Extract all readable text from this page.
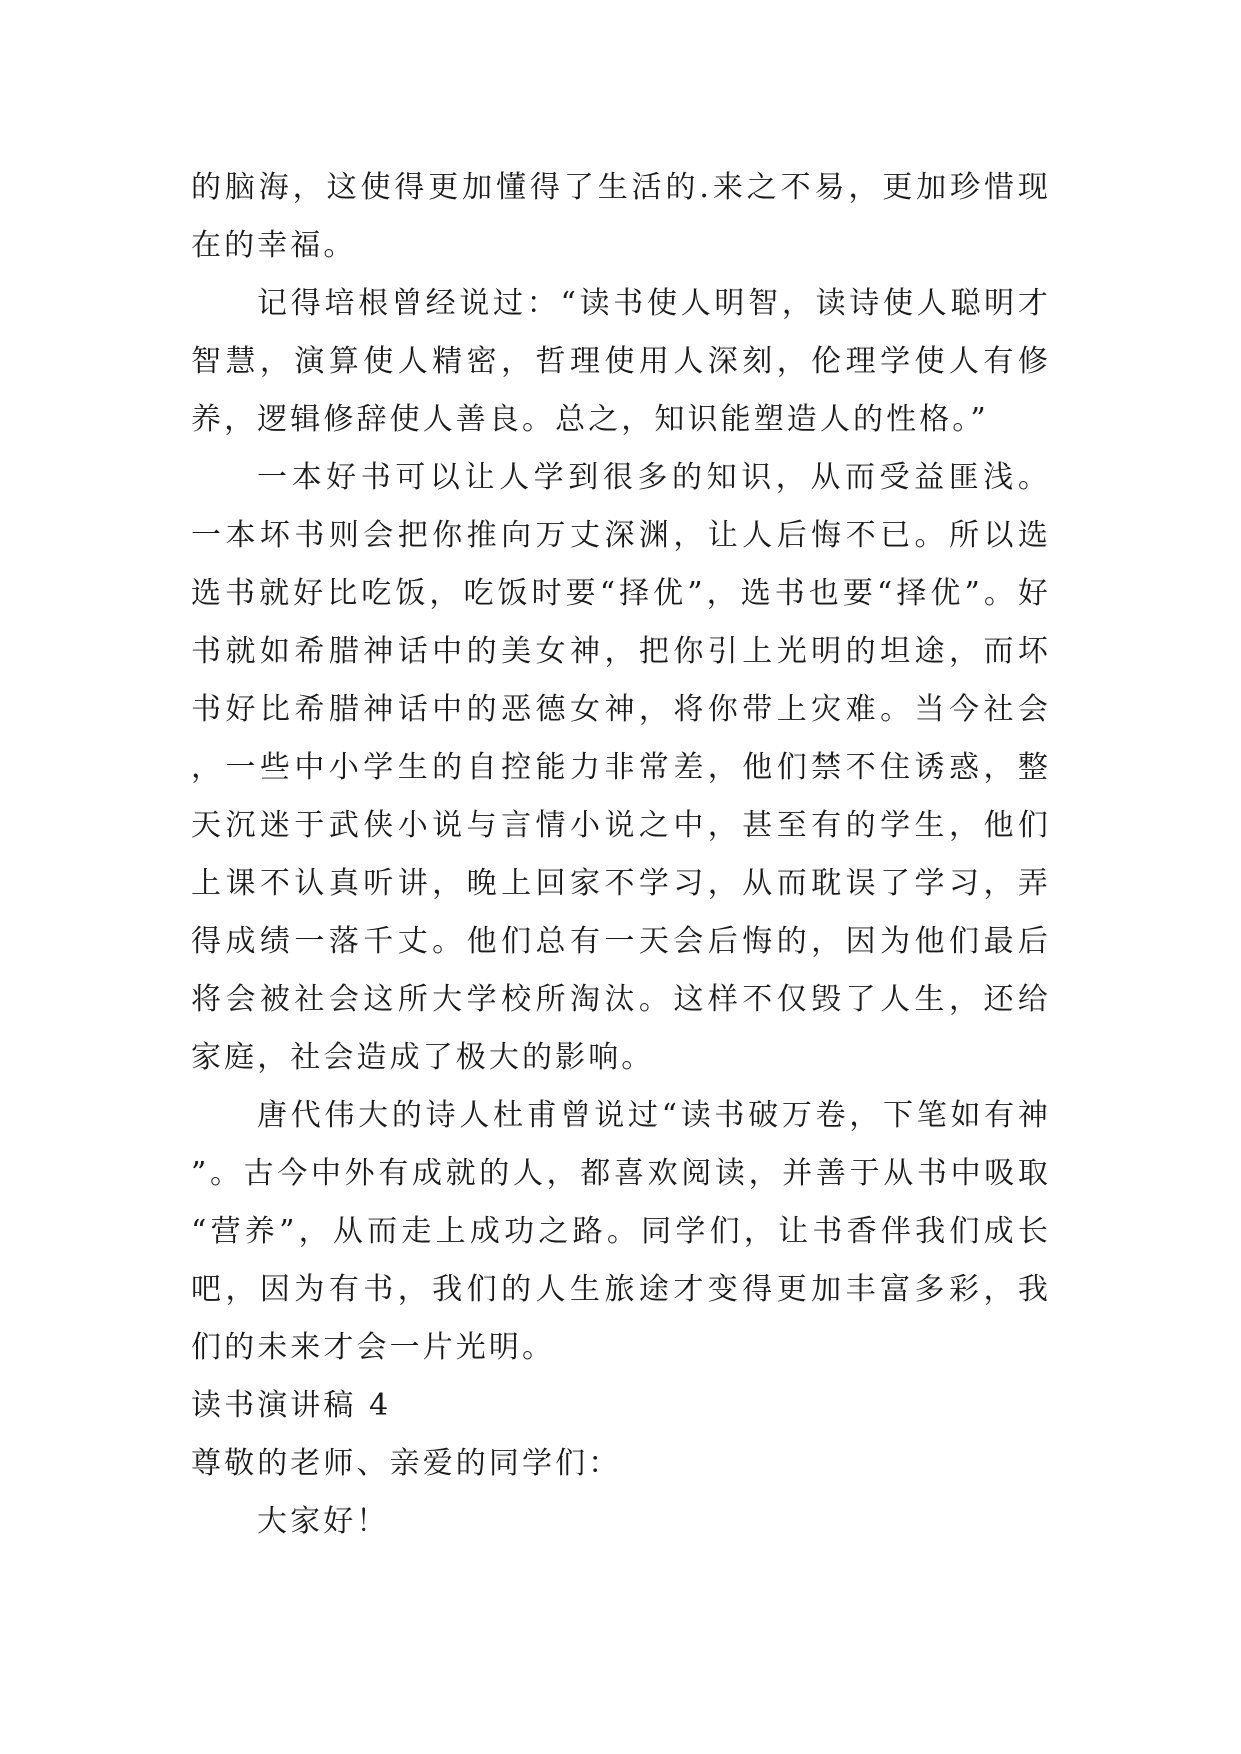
的脑海，这使得更加懂得了生活的.来之不易，更加珍惜现在的幸福。

记得培根曾经说过：“读书使人明智，读诗使人聪明才智慧，演算使人精密，哲理使用人深刻，伦理学使人有修养，逻辑修辞使人善良。总之，知识能塑造人的性格。”

一本好书可以让人学到很多的知识，从而受益匪浅。一本坏书则会把你推向万丈深渊，让人后悔不已。所以选选书就好比吃饭，吃饭时要“择优”，选书也要“择优”。好书就如希腊神话中的美女神，把你引上光明的坦途，而坏书好比希腊神话中的恶德女神，将你带上灾难。当今社会，一些中小学生的自控能力非常差，他们禁不住诱惑，整天沉迷于武侠小说与言情小说之中，甚至有的学生，他们上课不认真听讲，晚上回家不学习，从而耽误了学习，弄得成绩一落千丈。他们总有一天会后悔的，因为他们最后将会被社会这所大学校所淘汰。这样不仅毁了人生，还给家庭，社会造成了极大的影响。

唐代伟大的诗人杜甫曾说过“读书破万卷，下笔如有神”。古今中外有成就的人，都喜欢阅读，并善于从书中吸取“营养”，从而走上成功之路。同学们，让书香伴我们成长吧，因为有书，我们的人生旅途才变得更加丰富多彩，我们的未来才会一片光明。

读书演讲稿 4

尊敬的老师、亲爱的同学们：

大家好！
